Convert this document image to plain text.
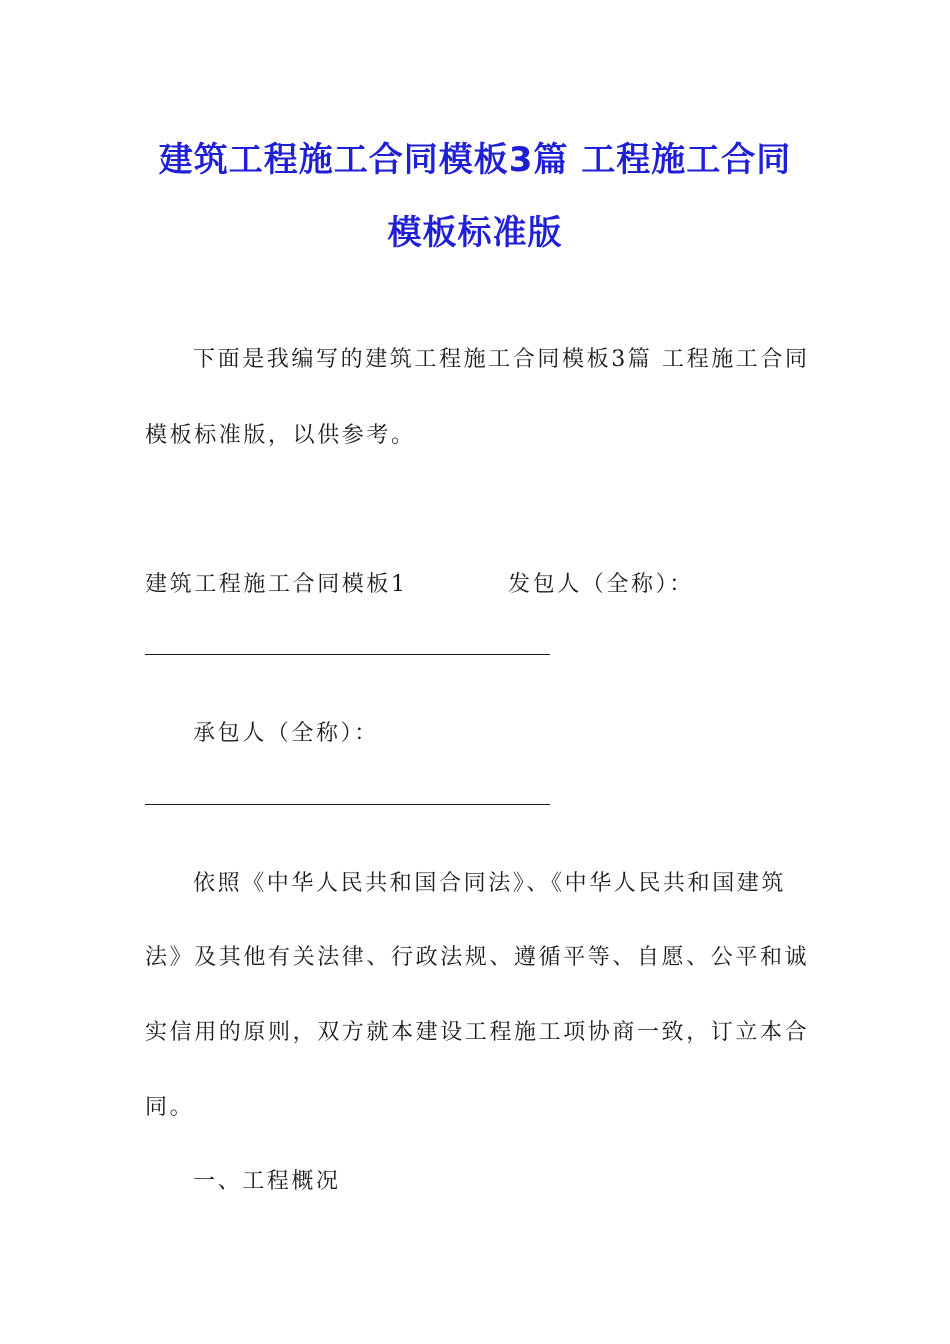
建筑工程施工合同模板3篇 工程施工合同
模板标准版
下面是我编写的建筑工程施工合同模板3篇 工程施工合同
模板标准版，以供参考。
建筑工程施工合同模板1	发包人（全称）：
承包人（全称）：
依照《中华人民共和国合同法》、《中华人民共和国建筑
法》及其他有关法律、行政法规、遵循平等、自愿、公平和诚
实信用的原则，双方就本建设工程施工项协商一致，订立本合
同。
一、工程概况
